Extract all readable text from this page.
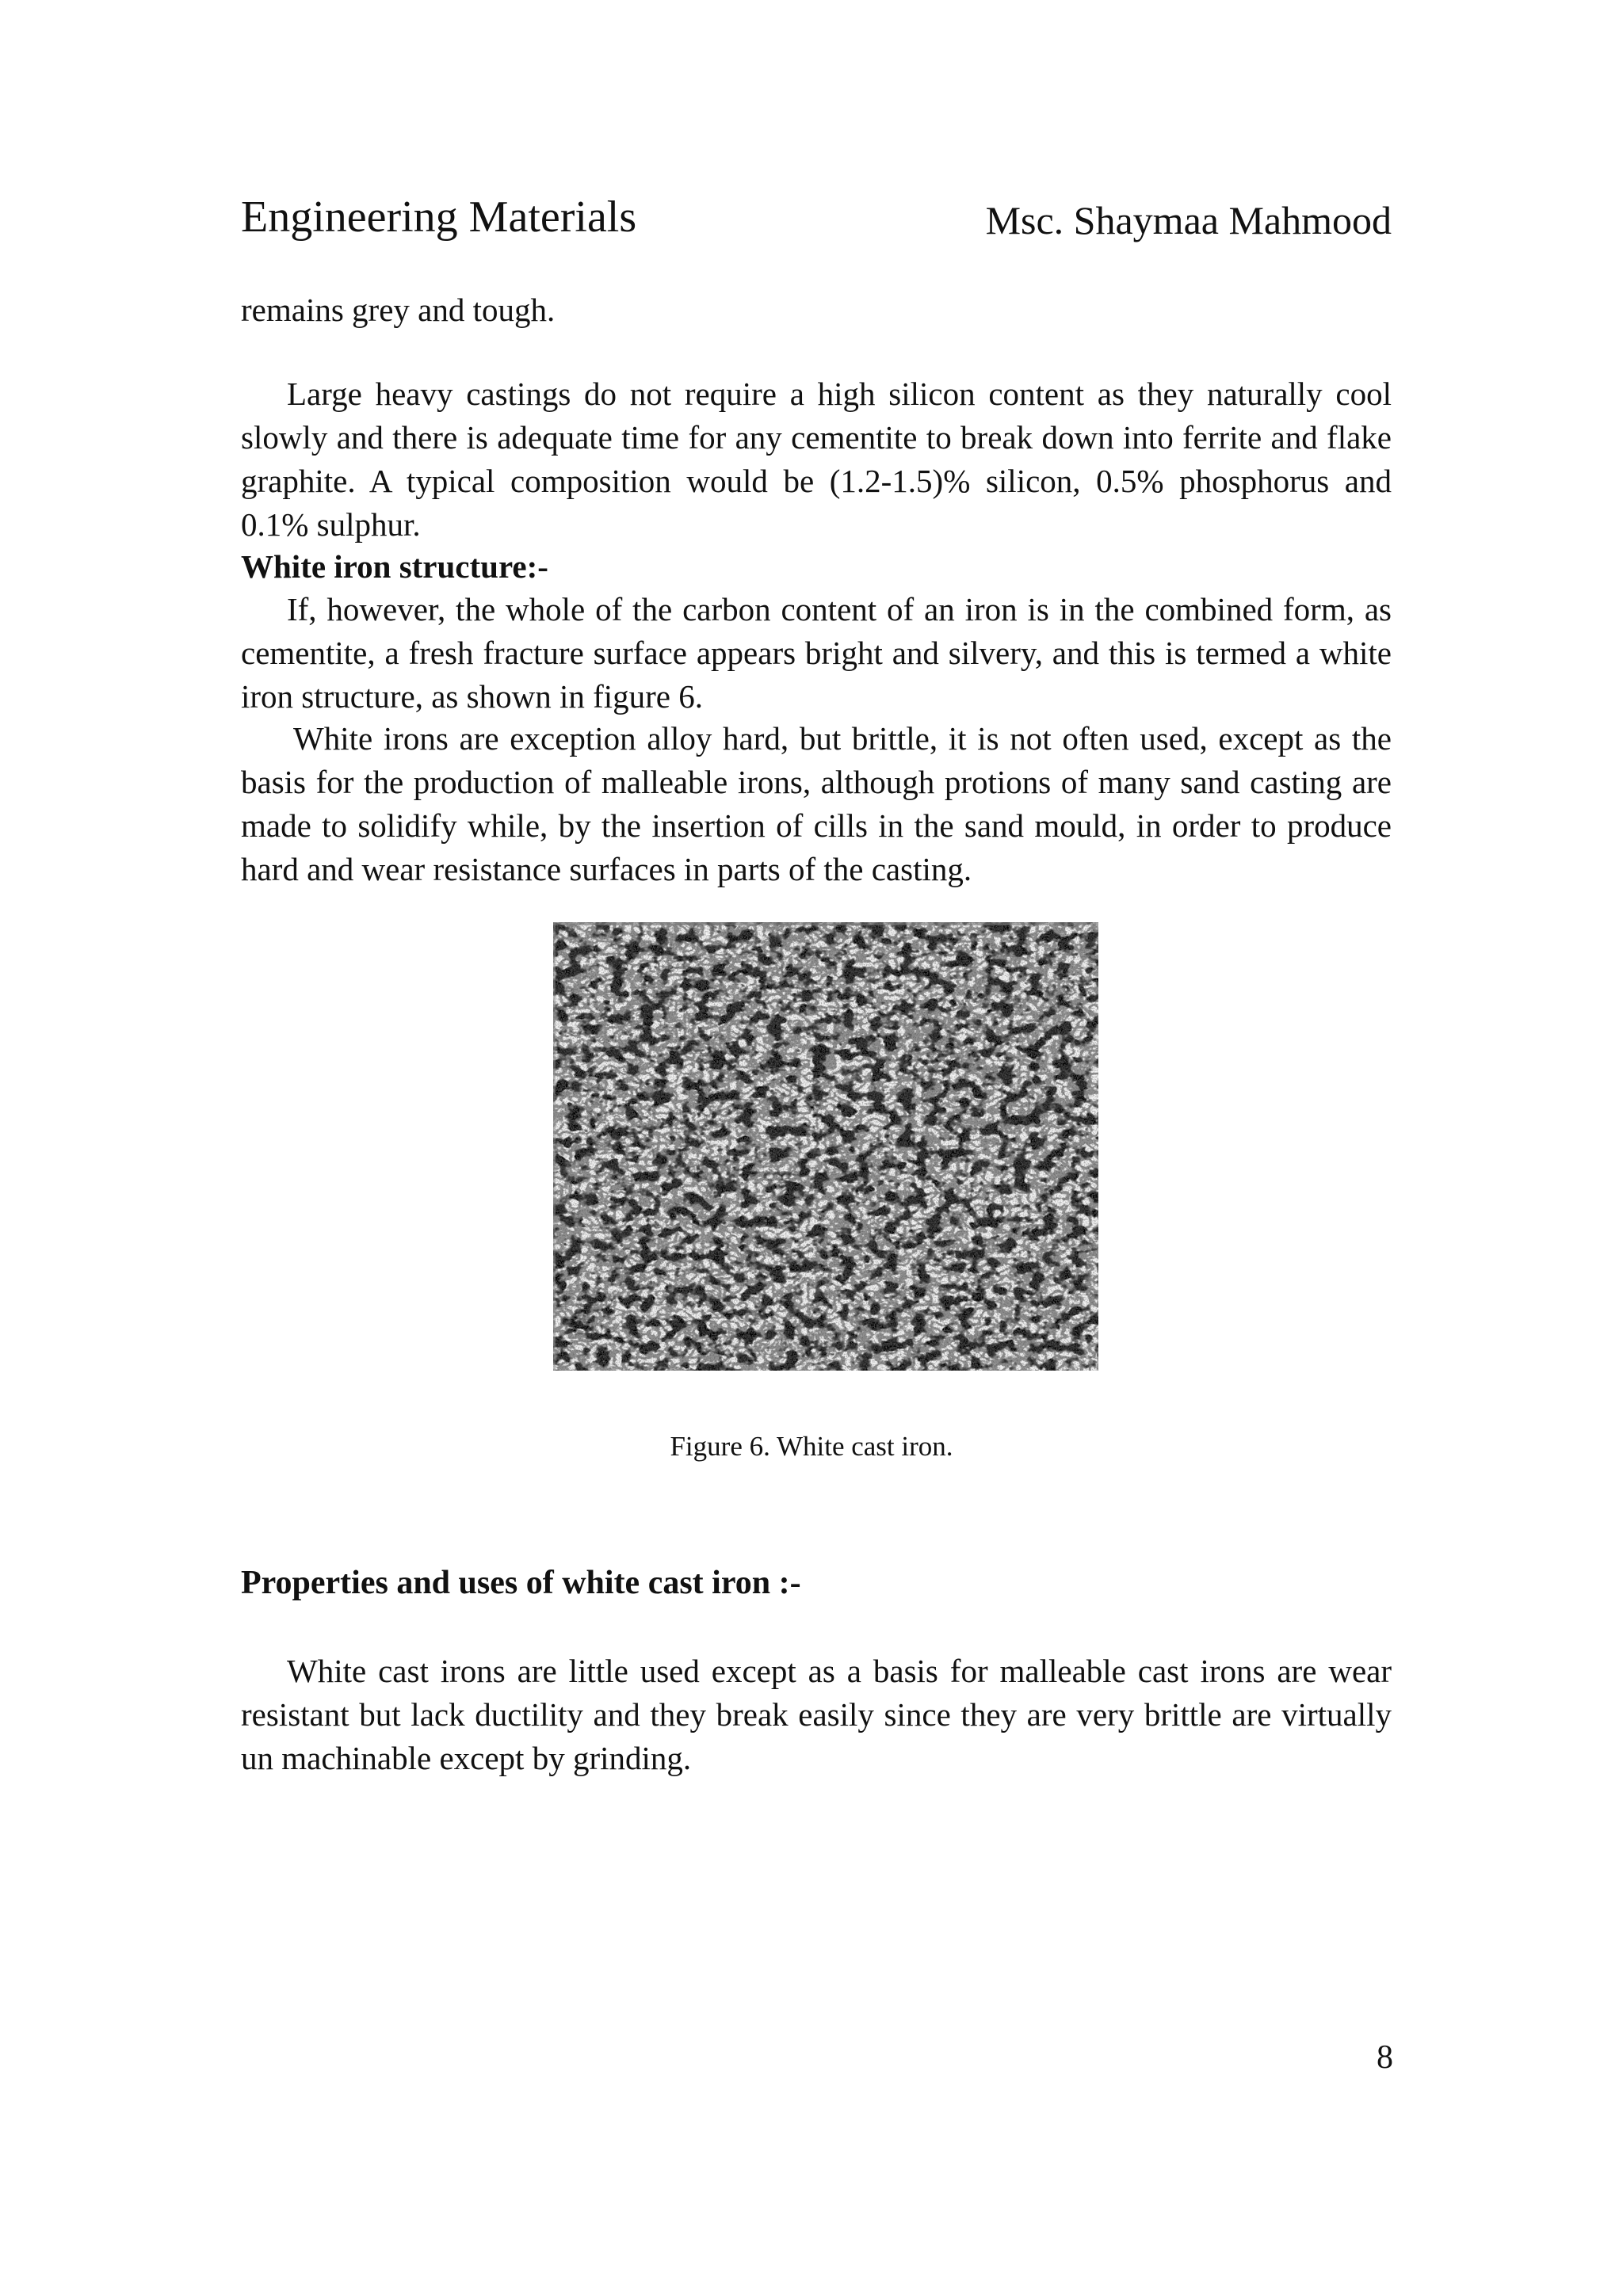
Engineering Materials	Msc. Shaymaa Mahmood
remains grey and tough.
Large heavy castings do not require a high silicon content as they naturally cool slowly and there is adequate time for any cementite to break down into ferrite and flake graphite. A typical composition would be (1.2-1.5)% silicon, 0.5% phosphorus and 0.1% sulphur.
White iron structure:-
If, however, the whole of the carbon content of an iron is in the combined form, as cementite, a fresh fracture surface appears bright and silvery, and this is termed a white iron structure, as shown in figure 6.
White irons are exception alloy hard, but brittle, it is not often used, except as the basis for the production of malleable irons, although protions of many sand casting are made to solidify while, by the insertion of cills in the sand mould, in order to produce hard and wear resistance surfaces in parts of the casting.
Figure 6. White cast iron.
Properties and uses of white cast iron :-
White cast irons are little used except as a basis for malleable cast irons are wear resistant but lack ductility and they break easily since they are very brittle are virtually un machinable except by grinding.
8
